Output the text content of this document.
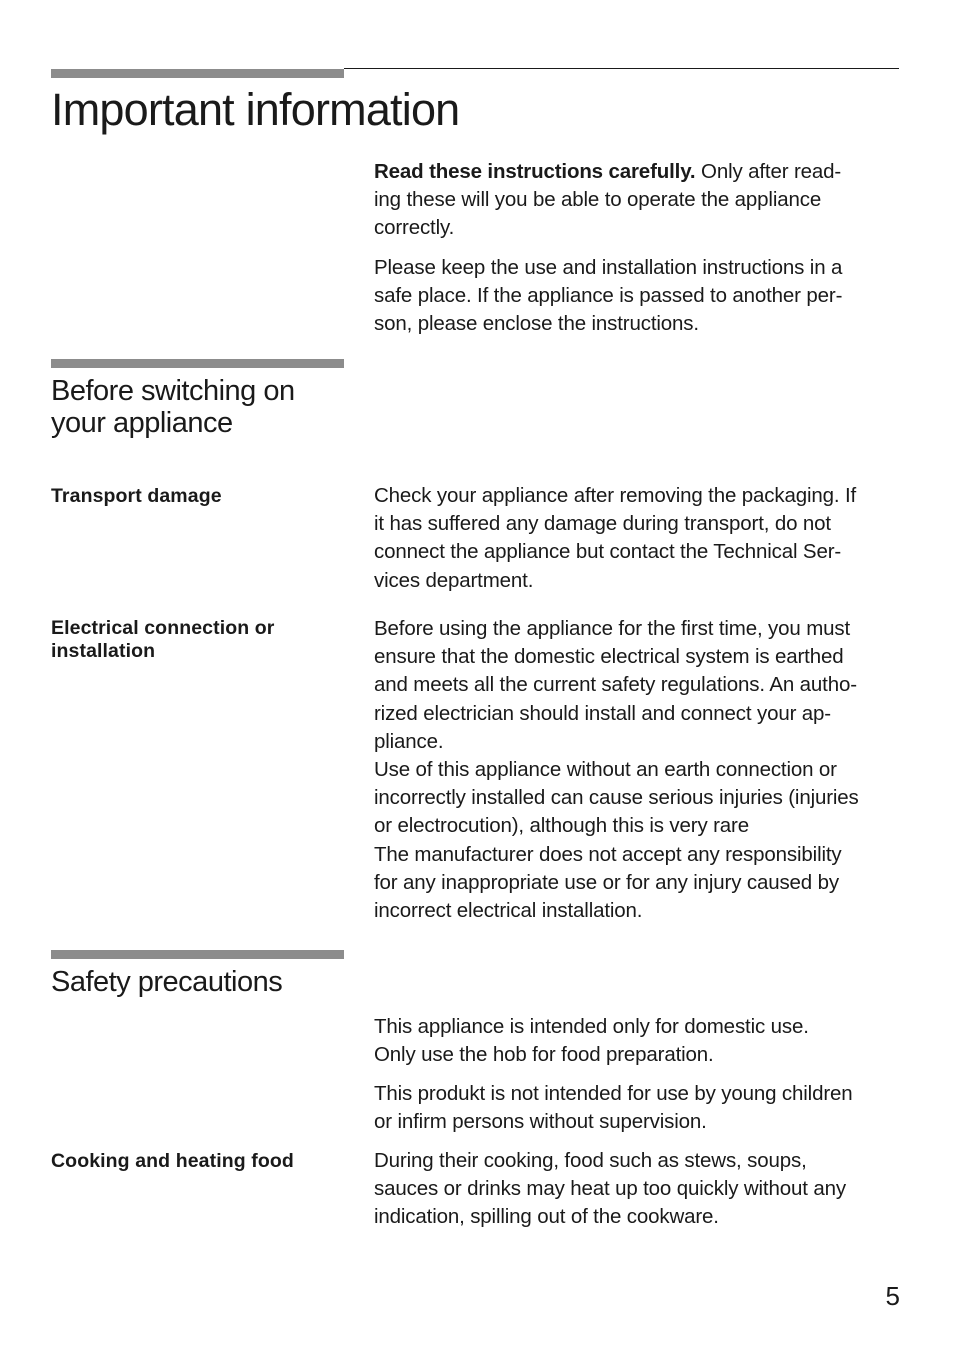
Important information

Read these instructions carefully. Only after read-
ing these will you be able to operate the appliance
correctly.

Please keep the use and installation instructions in a
safe place. If the appliance is passed to another per-
son, please enclose the instructions.

Before switching on
your appliance
Transport damage	Check your appliance after removing the packaging. If
it has suffered any damage during transport, do not
connect the appliance but contact the Technical Ser-
vices department.

Electrical connection or
installation

Before using the appliance for the first time, you must
ensure that the domestic electrical system is earthed
and meets all the current safety regulations. An autho-
rized electrician should install and connect your ap-
pliance.
Use of this appliance without an earth connection or
incorrectly installed can cause serious injuries (injuries
or electrocution), although this is very rare
The manufacturer does not accept any responsibility
for any inappropriate use or for any injury caused by
incorrect electrical installation.

Safety precautions

This appliance is intended only for domestic use.
Only use the hob for food preparation.

This produkt is not intended for use by young children
or infirm persons without supervision.

Cooking and heating food	During their cooking, food such as stews, soups,
sauces or drinks may heat up too quickly without any
indication, spilling out of the cookware.

5
